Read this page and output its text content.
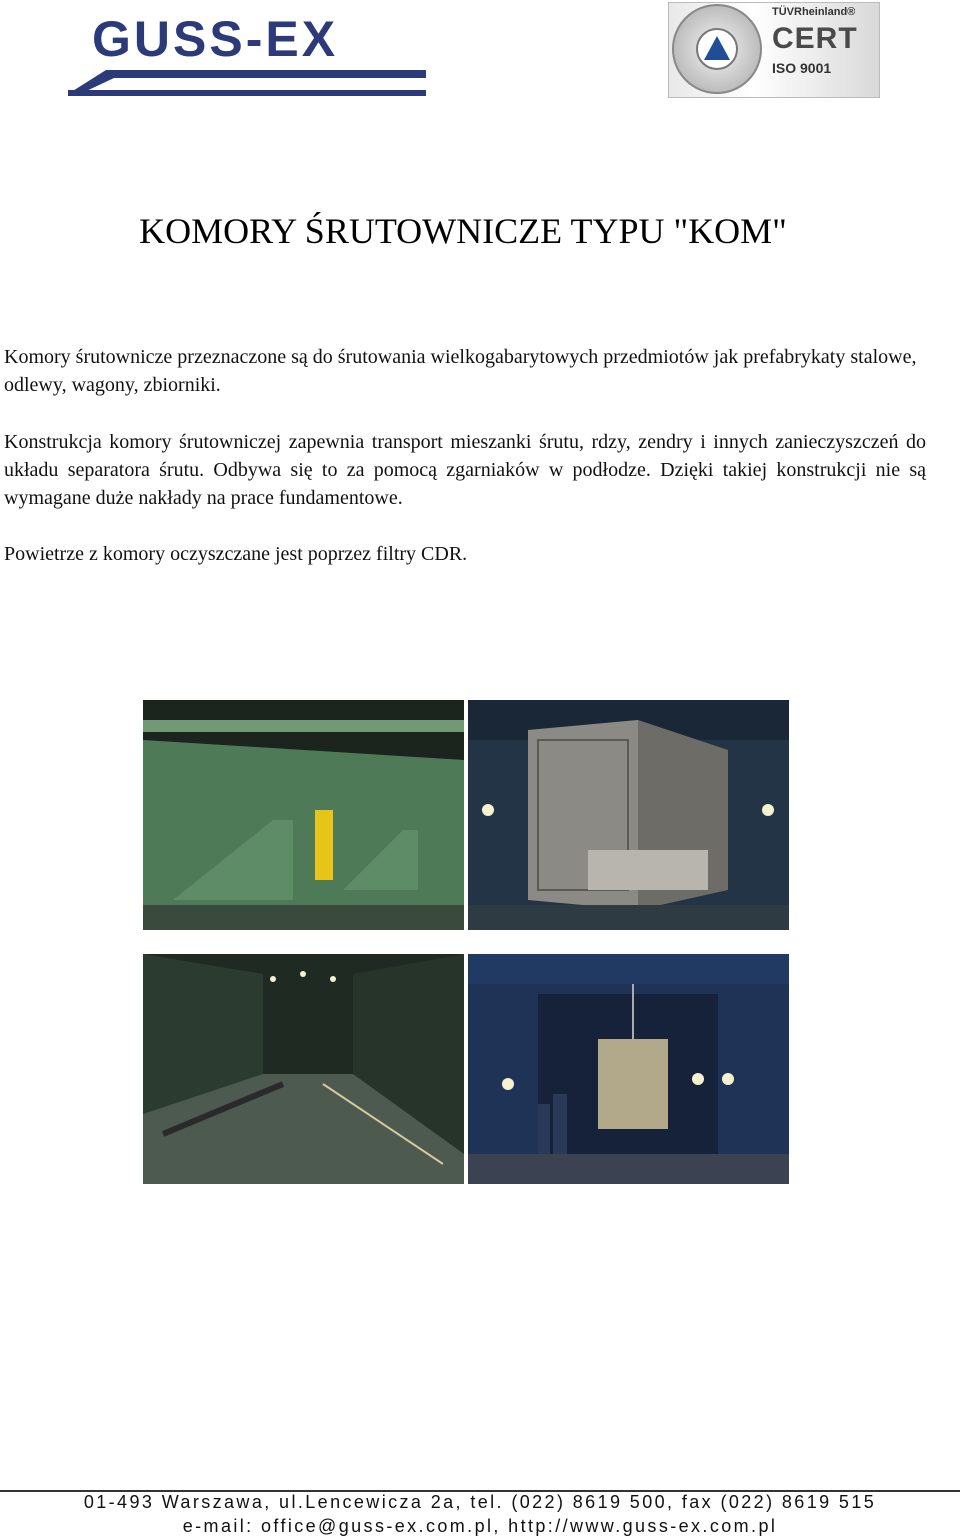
GUSS-EX	TÜVRheinland®
CERT
ISO 9001
KOMORY ŚRUTOWNICZE TYPU "KOM"

Komory śrutownicze przeznaczone są do śrutowania wielkogabarytowych przedmiotów jak prefabrykaty stalowe, odlewy, wagony, zbiorniki.

Konstrukcja komory śrutowniczej zapewnia transport mieszanki śrutu, rdzy, zendry i innych zanieczyszczeń do układu separatora śrutu. Odbywa się to za pomocą zgarniaków w podłodze. Dzięki takiej konstrukcji nie są wymagane duże nakłady na prace fundamentowe.

Powietrze z komory oczyszczane jest poprzez filtry CDR.

01-493 Warszawa, ul.Lencewicza 2a, tel. (022) 8619 500, fax (022) 8619 515

e-mail: office@guss-ex.com.pl, http://www.guss-ex.com.pl
